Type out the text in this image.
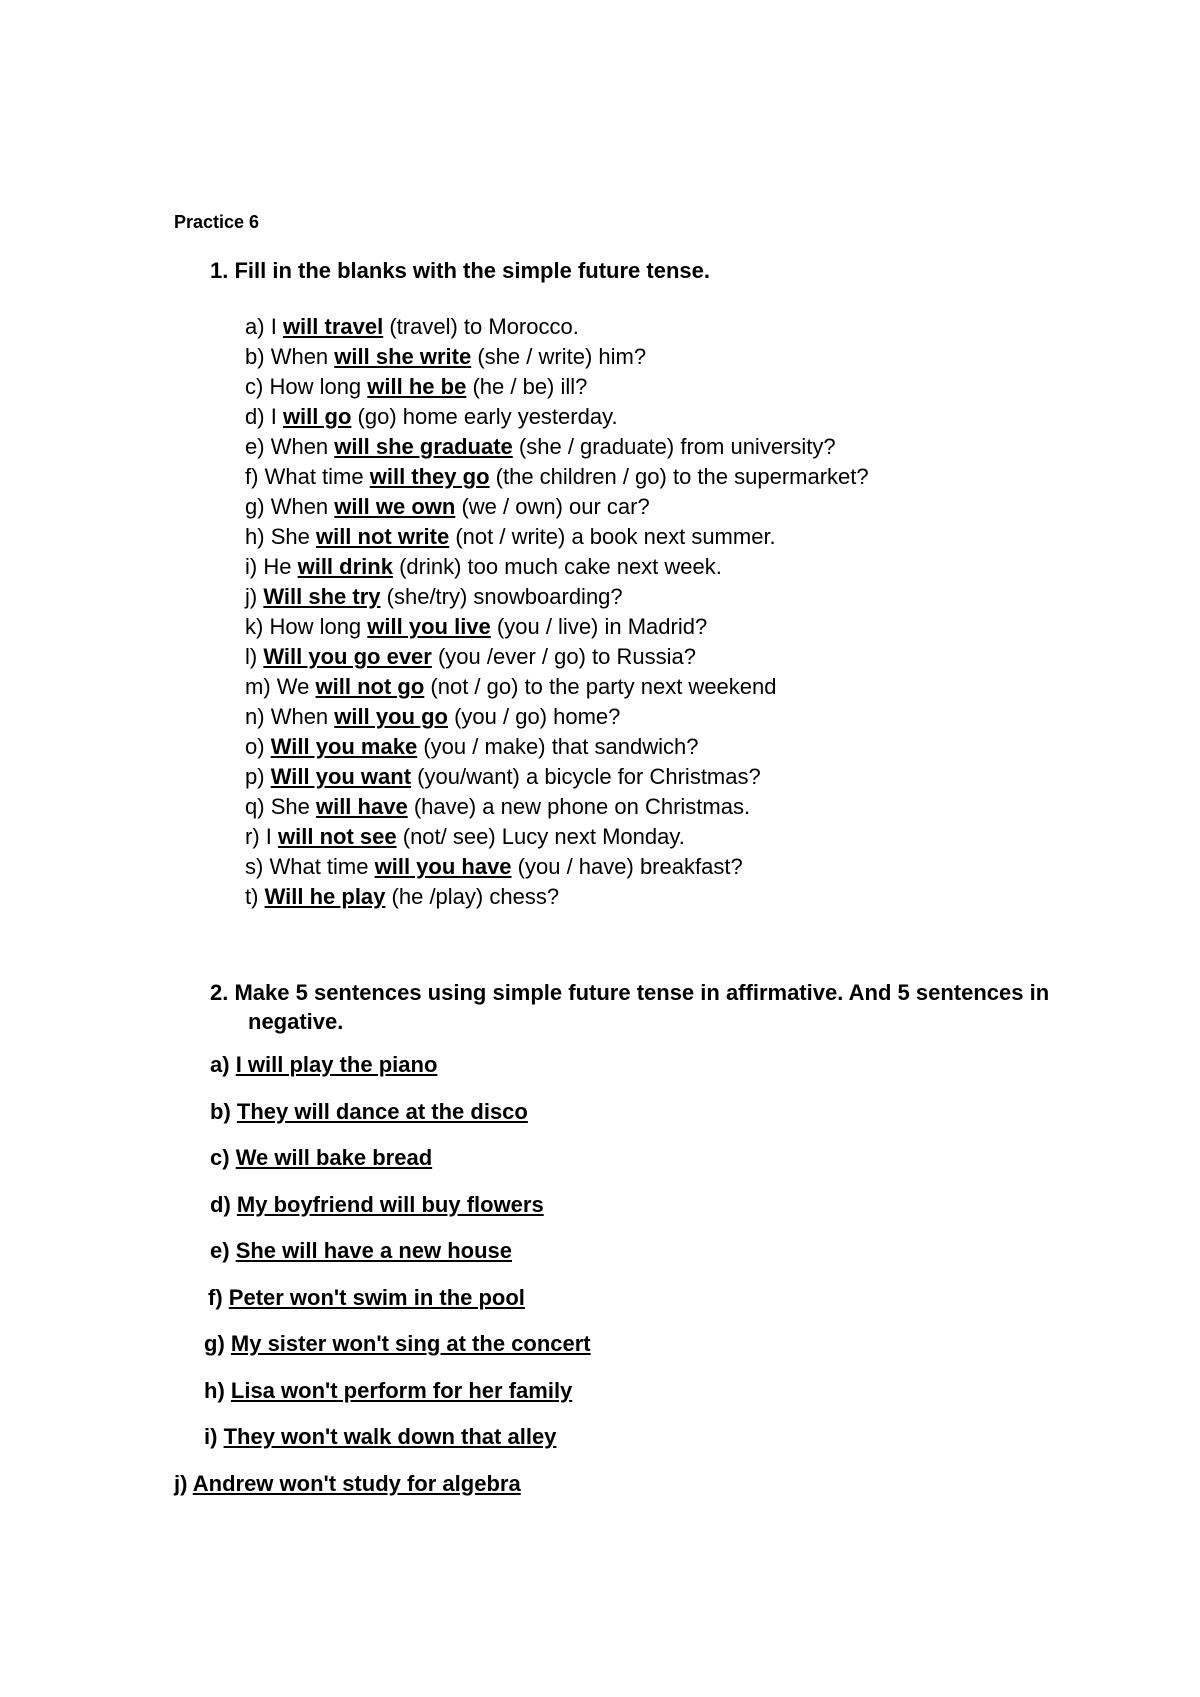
Practice 6
1. Fill in the blanks with the simple future tense.
a) I will travel (travel) to Morocco.
b) When will she write (she / write) him?
c) How long will he be (he / be) ill?
d) I will go (go) home early yesterday.
e) When will she graduate (she / graduate) from university?
f) What time will they go (the children / go) to the supermarket?
g) When will we own (we / own) our car?
h) She will not write (not / write) a book next summer.
i) He will drink (drink) too much cake next week.
j) Will she try (she/try) snowboarding?
k) How long will you live (you / live) in Madrid?
l) Will you go ever (you /ever / go) to Russia?
m) We will not go (not / go) to the party next weekend
n) When will you go (you / go) home?
o) Will you make (you / make) that sandwich?
p) Will you want (you/want) a bicycle for Christmas?
q) She will have (have) a new phone on Christmas.
r) I will not see (not/ see) Lucy next Monday.
s) What time will you have (you / have) breakfast?
t) Will he play (he /play) chess?
2. Make 5 sentences using simple future tense in affirmative. And 5 sentences in negative.
a) I will play the piano
b) They will dance at the disco
c) We will bake bread
d) My boyfriend will buy flowers
e) She will have a new house
f) Peter won't swim in the pool
g) My sister won't sing at the concert
h) Lisa won't perform for her family
i) They won't walk down that alley
j) Andrew won't study for algebra
